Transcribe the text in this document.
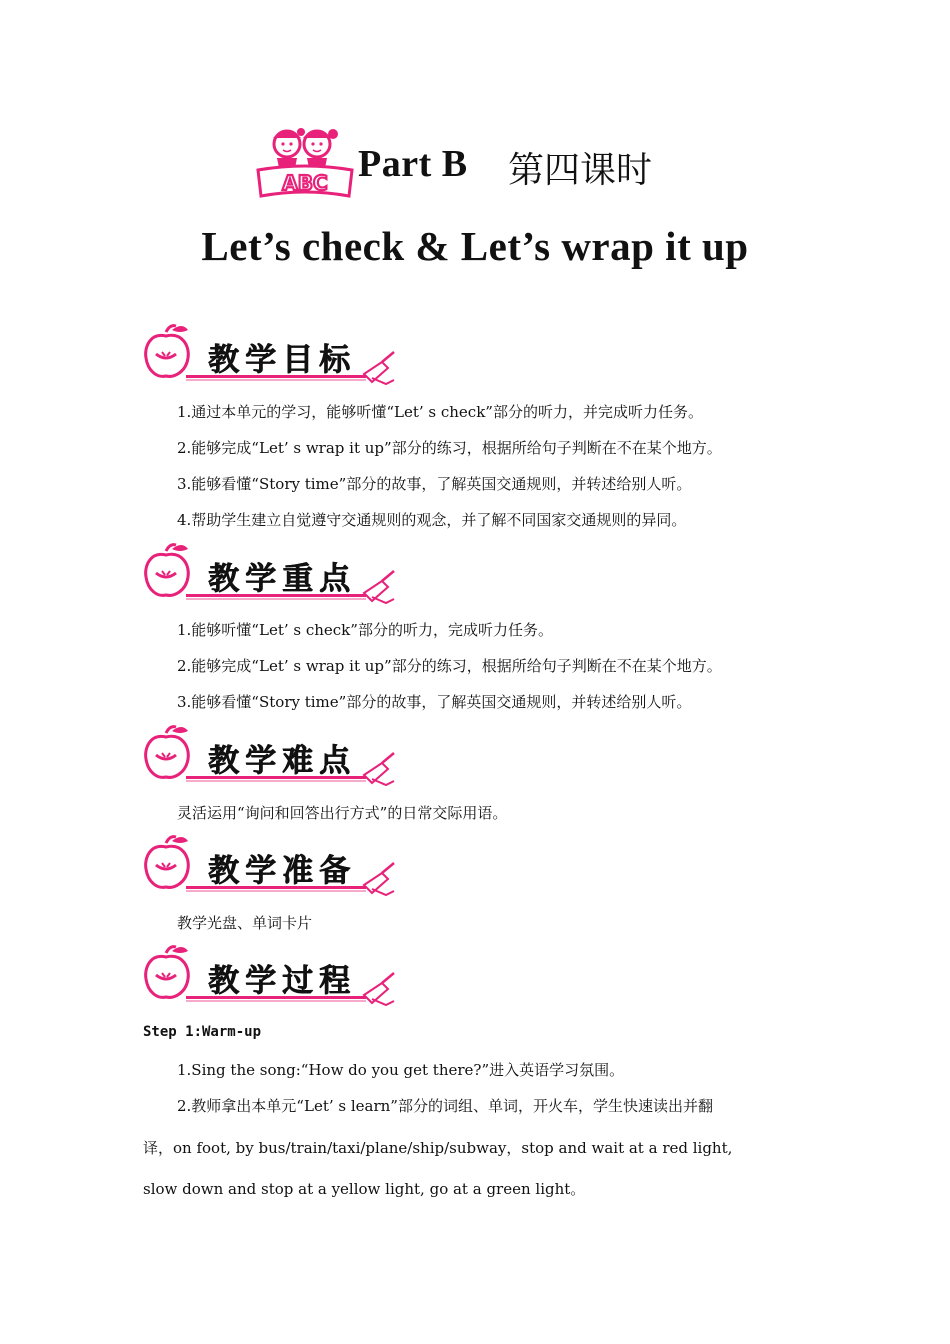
ABC Part B 第四课时
Let’s check & Let’s wrap it up
教学目标
1.通过本单元的学习，能够听懂“Let’ s check”部分的听力，并完成听力任务。
2.能够完成“Let’ s wrap it up”部分的练习，根据所给句子判断在不在某个地方。
3.能够看懂“Story time”部分的故事，了解英国交通规则，并转述给别人听。
4.帮助学生建立自觉遵守交通规则的观念，并了解不同国家交通规则的异同。
教学重点
1.能够听懂“Let’ s check”部分的听力，完成听力任务。
2.能够完成“Let’ s wrap it up”部分的练习，根据所给句子判断在不在某个地方。
3.能够看懂“Story time”部分的故事，了解英国交通规则，并转述给别人听。
教学难点
灵活运用“询问和回答出行方式”的日常交际用语。
教学准备
教学光盘、单词卡片
教学过程
Step 1:Warm-up
1.Sing the song:“How do you get there?”进入英语学习氛围。
2.教师拿出本单元“Let’ s learn”部分的词组、单词，开火车，学生快速读出并翻
译，on foot, by bus/train/taxi/plane/ship/subway，stop and wait at a red light,
slow down and stop at a yellow light, go at a green light。
